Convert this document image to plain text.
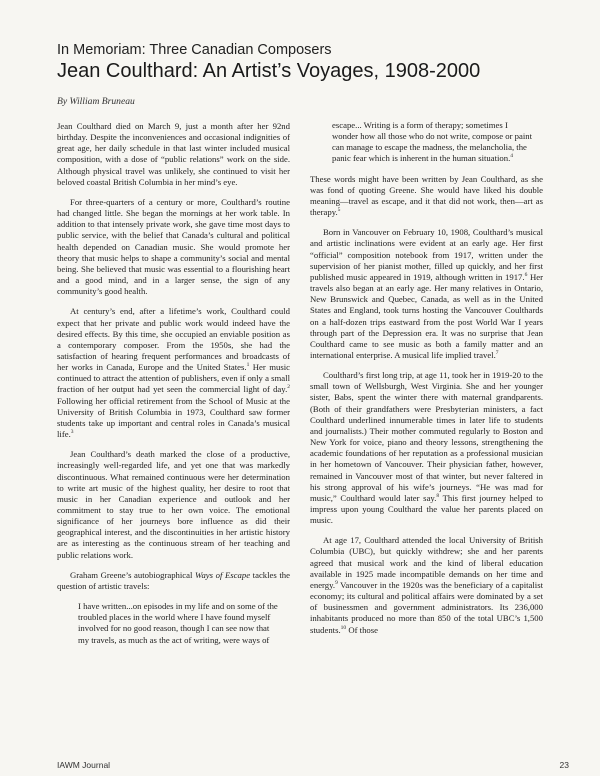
In Memoriam: Three Canadian Composers
Jean Coulthard: An Artist’s Voyages, 1908-2000
By William Bruneau

Jean Coulthard died on March 9, just a month after her 92nd birthday. Despite the inconveniences and occasional indignities of great age, her daily schedule in that last winter included musical composition, with a dose of “public relations” work on the side. Although physical travel was unlikely, she continued to visit her beloved coastal British Columbia in her mind’s eye.

For three-quarters of a century or more, Coulthard’s routine had changed little. She began the mornings at her work table. In addition to that intensely private work, she gave time most days to public service, with the belief that Canada’s cultural and political health depended on Canadian music. She would promote her theory that music helps to shape a community’s social and mental being. She believed that music was essential to a flourishing heart and a good mind, and in a larger sense, the sign of any community’s good health.

At century’s end, after a lifetime’s work, Coulthard could expect that her private and public work would indeed have the desired effects. By this time, she occupied an enviable position as a contemporary composer. From the 1950s, she had the satisfaction of hearing frequent performances and broadcasts of her works in Canada, Europe and the United States.$^1$ Her music continued to attract the attention of publishers, even if only a small fraction of her output had yet seen the commercial light of day.$^2$ Following her official retirement from the School of Music at the University of British Columbia in 1973, Coulthard saw former students take up important and central roles in Canada’s musical life.$^3$

Jean Coulthard’s death marked the close of a productive, increasingly well-regarded life, and yet one that was markedly discontinuous. What remained continuous were her determination to write art music of the highest quality, her desire to root that music in her Canadian experience and outlook and her commitment to stay true to her own voice. The emotional significance of her journeys bore influence as did their geographical interest, and the discontinuities in her artistic history are as interesting as the continuous stream of her teaching and public relations work.

Graham Greene’s autobiographical Ways of Escape tackles the question of artistic travels:

I have written...on episodes in my life and on some of the troubled places in the world where I have found myself involved for no good reason, though I can see now that my travels, as much as the act of writing, were ways of
escape... Writing is a form of therapy; sometimes I wonder how all those who do not write, compose or paint can manage to escape the madness, the melancholia, the panic fear which is inherent in the human situation.$^4$

These words might have been written by Jean Coulthard, as she was fond of quoting Greene. She would have liked his double meaning—travel as escape, and it that did not work, then—art as therapy.$^5$

Born in Vancouver on February 10, 1908, Coulthard’s musical and artistic inclinations were evident at an early age. Her first “official” composition notebook from 1917, written under the supervision of her pianist mother, filled up quickly, and her first published music appeared in 1919, although written in 1917.$^6$ Her travels also began at an early age. Her many relatives in Ontario, New Brunswick and Quebec, Canada, as well as in the United States and England, took turns hosting the Vancouver Coulthards on a half-dozen trips eastward from the post World War I years through part of the Depression era. It was no surprise that Jean Coulthard came to see music as both a family matter and an international enterprise. A musical life implied travel.$^7$

Coulthard’s first long trip, at age 11, took her in 1919-20 to the small town of Wellsburgh, West Virginia. She and her younger sister, Babs, spent the winter there with maternal grandparents. (Both of their grandfathers were Presbyterian ministers, a fact Coulthard underlined innumerable times in later life to students and journalists.) Their mother commuted regularly to Boston and New York for voice, piano and theory lessons, strengthening the academic foundations of her reputation as a professional musician in her hometown of Vancouver. Their physician father, however, remained in Vancouver most of that winter, but never faltered in his strong approval of his wife’s journeys. “He was mad for music,” Coulthard would later say.$^8$ This first journey helped to impress upon young Coulthard the value her parents placed on music.

At age 17, Coulthard attended the local University of British Columbia (UBC), but quickly withdrew; she and her parents agreed that musical work and the kind of liberal education available in 1925 made incompatible demands on her time and energy.$^9$ Vancouver in the 1920s was the beneficiary of a capitalist economy; its cultural and political affairs were dominated by a set of businessmen and government administrators. Its 236,000 inhabitants produced no more than 850 of the total UBC’s 1,500 students.$^{10}$ Of those

IAWM Journal	23
